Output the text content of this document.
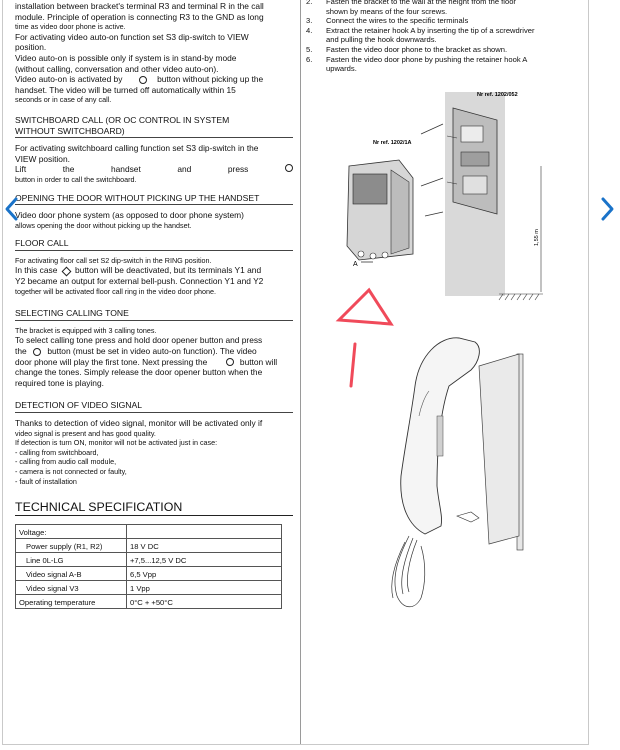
installation between bracket's terminal R3 and terminal R in the call

module. Principle of operation is connecting R3 to the GND as long

time as video door phone is active.

For activating video auto-on function set S3 dip-switch to VIEW

position.

Video auto-on is possible only if system is in stand-by mode

(without calling, conversation and other video auto-on).

Video auto-on is activated by	button without picking up the

handset. The video will be turned off automatically within 15

seconds or in case of any call.

SWITCHBOARD CALL (OR OC CONTROL IN SYSTEM
WITHOUT SWITCHBOARD)

For activating switchboard calling function set S3 dip-switch in the

VIEW position.

Lift	the	handset	and	press

button in order to call the switchboard.

OPENING THE DOOR WITHOUT PICKING UP THE HANDSET

Video door phone system (as opposed to door phone system)

allows opening the door without picking up the handset.

FLOOR CALL

For activating floor call set S2 dip-switch in the RING position.

In this case button will be deactivated, but its terminals Y1 and

Y2 became an output for external bell-push. Connection Y1 and Y2

together will be activated floor call ring in the video door phone.

SELECTING CALLING TONE

The bracket is equipped with 3 calling tones.

To select calling tone press and hold door opener button and press

the button (must be set in video auto-on function). The video

door phone will play the first tone. Next pressing the	button will

change the tones. Simply release the door opener button when the

required tone is playing.

DETECTION OF VIDEO SIGNAL

Thanks to detection of video signal, monitor will be activated only if

video signal is present and has good quality.

If detection is turn ON, monitor will not be activated just in case:

- calling from switchboard,

- calling from audio call module,

- camera is not connected or faulty,

- fault of installation

TECHNICAL SPECIFICATION
Voltage:	
Power supply (R1, R2)	18 V DC
Line 0L-LG	+7,5...12,5 V DC
Video signal A-B	6,5 Vpp
Video signal V3	1 Vpp
Operating temperature	0°C + +50°C
2.	Fasten the bracket to the wall at the height from the floor
shown by means of the four screws.
3.	Connect the wires to the specific terminals
4.	Extract the retainer hook A by inserting the tip of a screwdriver
and pulling the hook downwards.
5.	Fasten the video door phone to the bracket as shown.
6.	Fasten the video door phone by pushing the retainer hook A
upwards.
Nr ref. 1202/052
Nr ref. 1202/1A
1,55 m
A
